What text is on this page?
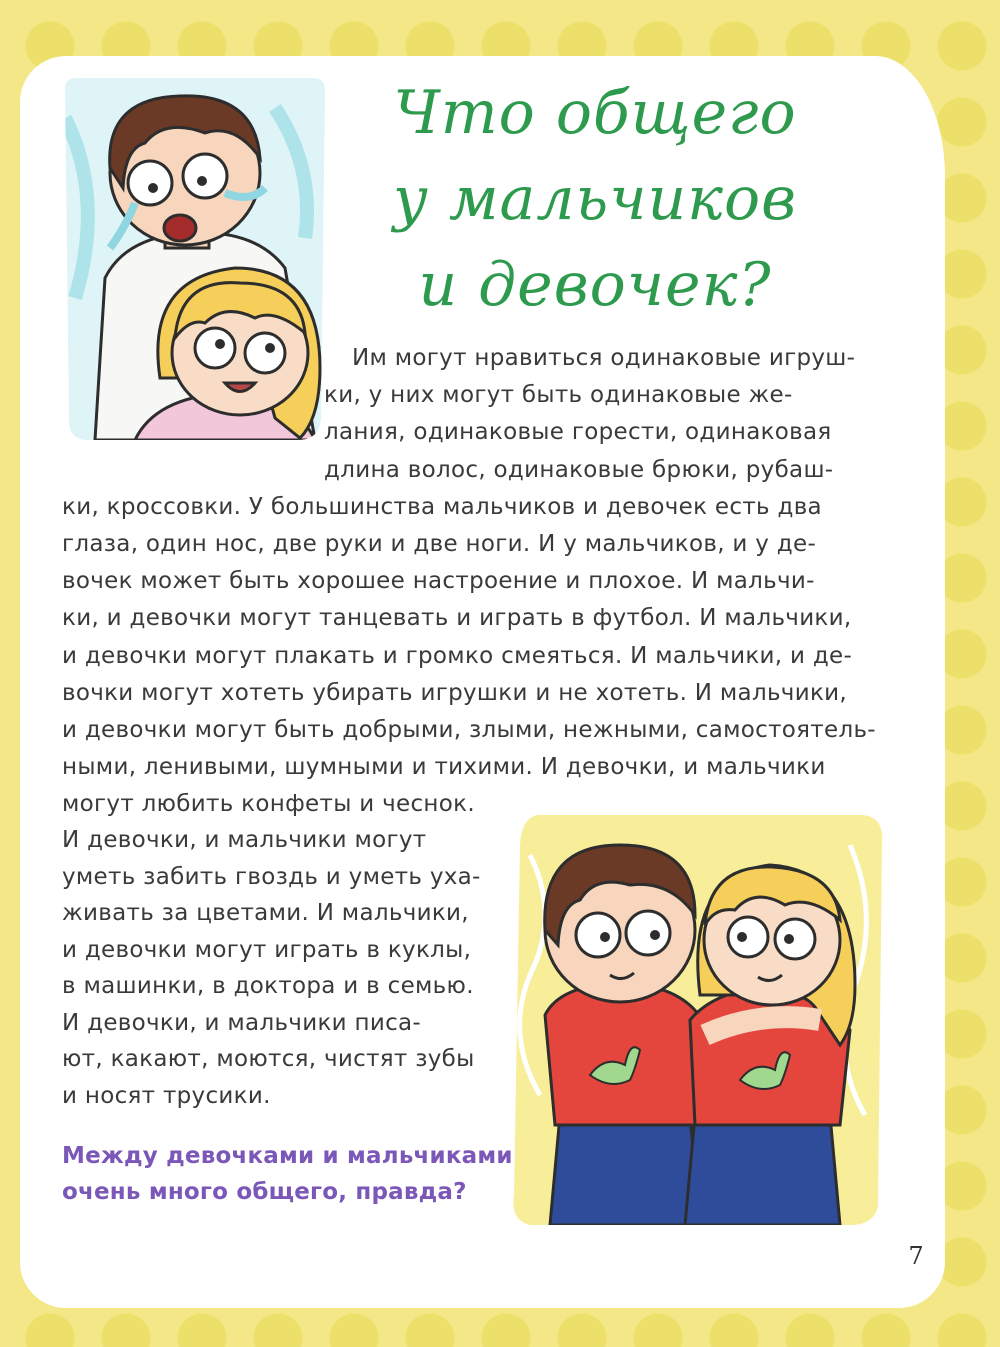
Что общего
у мальчиков
и девочек?

Им могут нравиться одинаковые игруш-
ки, у них могут быть одинаковые же-
лания, одинаковые горести, одинаковая
длина волос, одинаковые брюки, рубаш-
ки, кроссовки. У большинства мальчиков и девочек есть два
глаза, один нос, две руки и две ноги. И у мальчиков, и у де-
вочек может быть хорошее настроение и плохое. И мальчи-
ки, и девочки могут танцевать и играть в футбол. И мальчики,
и девочки могут плакать и громко смеяться. И мальчики, и де-
вочки могут хотеть убирать игрушки и не хотеть. И мальчики,
и девочки могут быть добрыми, злыми, нежными, самостоятель-
ными, ленивыми, шумными и тихими. И девочки, и мальчики
могут любить конфеты и чеснок.

И девочки, и мальчики могут
уметь забить гвоздь и уметь уха-
живать за цветами. И мальчики,
и девочки могут играть в куклы,
в машинки, в доктора и в семью.
И девочки, и мальчики писа-
ют, какают, моются, чистят зубы
и носят трусики.

Между девочками и мальчиками
очень много общего, правда?

7
